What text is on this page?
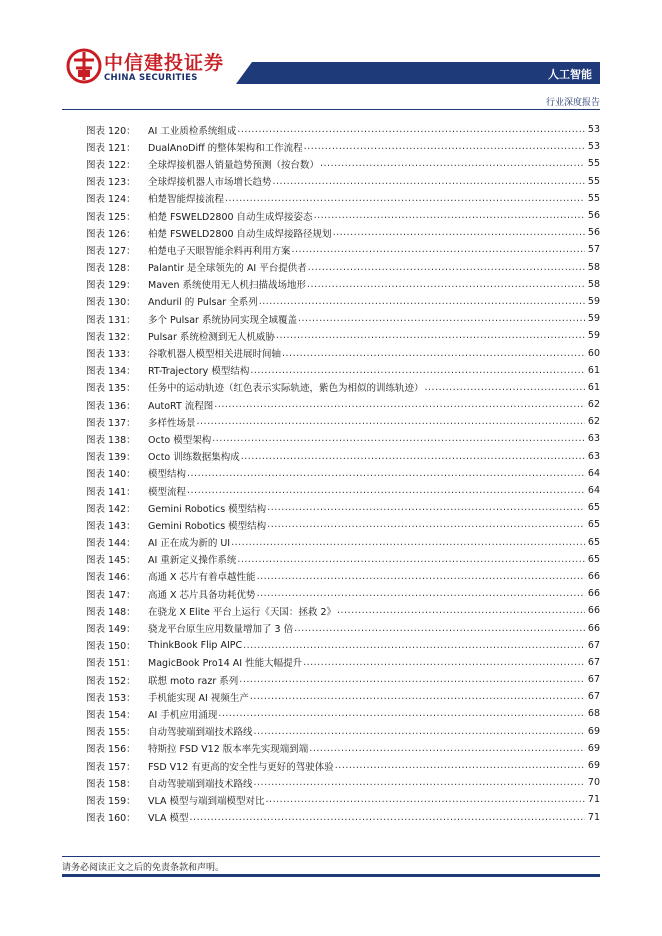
中信建投证券
CHINA SECURITIES	人工智能
行业深度报告
图表 120：	AI 工业质检系统组成 .....	53
图表 121：	DualAnoDiff 的整体架构和工作流程 .....	53
图表 122：	全球焊接机器人销量趋势预测（按台数） .....	55
图表 123：	全球焊接机器人市场增长趋势 .....	55
图表 124：	柏楚智能焊接流程 .....	55
图表 125：	柏楚 FSWELD2800 自动生成焊接姿态 .....	56
图表 126：	柏楚 FSWELD2800 自动生成焊接路径规划 .....	56
图表 127：	柏楚电子天眼智能余料再利用方案 .....	57
图表 128：	Palantir 是全球领先的 AI 平台提供者 .....	58
图表 129：	Maven 系统使用无人机扫描战场地形 .....	58
图表 130：	Anduril 的 Pulsar 全系列 .....	59
图表 131：	多个 Pulsar 系统协同实现全域覆盖 .....	59
图表 132：	Pulsar 系统检测到无人机威胁 .....	59
图表 133：	谷歌机器人模型相关进展时间轴 .....	60
图表 134：	RT-Trajectory 模型结构 .....	61
图表 135：	任务中的运动轨迹（红色表示实际轨迹，紫色为相似的训练轨迹） .....	61
图表 136：	AutoRT 流程图 .....	62
图表 137：	多样性场景 .....	62
图表 138：	Octo 模型架构 .....	63
图表 139：	Octo 训练数据集构成 .....	63
图表 140：	模型结构 .....	64
图表 141：	模型流程 .....	64
图表 142：	Gemini Robotics 模型结构 .....	65
图表 143：	Gemini Robotics 模型结构 .....	65
图表 144：	AI 正在成为新的 UI .....	65
图表 145：	AI 重新定义操作系统 .....	65
图表 146：	高通 X 芯片有着卓越性能 .....	66
图表 147：	高通 X 芯片具备功耗优势 .....	66
图表 148：	在骁龙 X Elite 平台上运行《天国：拯救 2》 .....	66
图表 149：	骁龙平台原生应用数量增加了 3 倍 .....	66
图表 150：	ThinkBook Flip AIPC .....	67
图表 151：	MagicBook Pro14 AI 性能大幅提升 .....	67
图表 152：	联想 moto razr 系列 .....	67
图表 153：	手机能实现 AI 视频生产 .....	67
图表 154：	AI 手机应用涌现 .....	68
图表 155：	自动驾驶端到端技术路线 .....	69
图表 156：	特斯拉 FSD V12 版本率先实现端到端 .....	69
图表 157：	FSD V12 有更高的安全性与更好的驾驶体验 .....	69
图表 158：	自动驾驶端到端技术路线 .....	70
图表 159：	VLA 模型与端到端模型对比 .....	71
图表 160：	VLA 模型 .....	71
请务必阅读正文之后的免责条款和声明。
